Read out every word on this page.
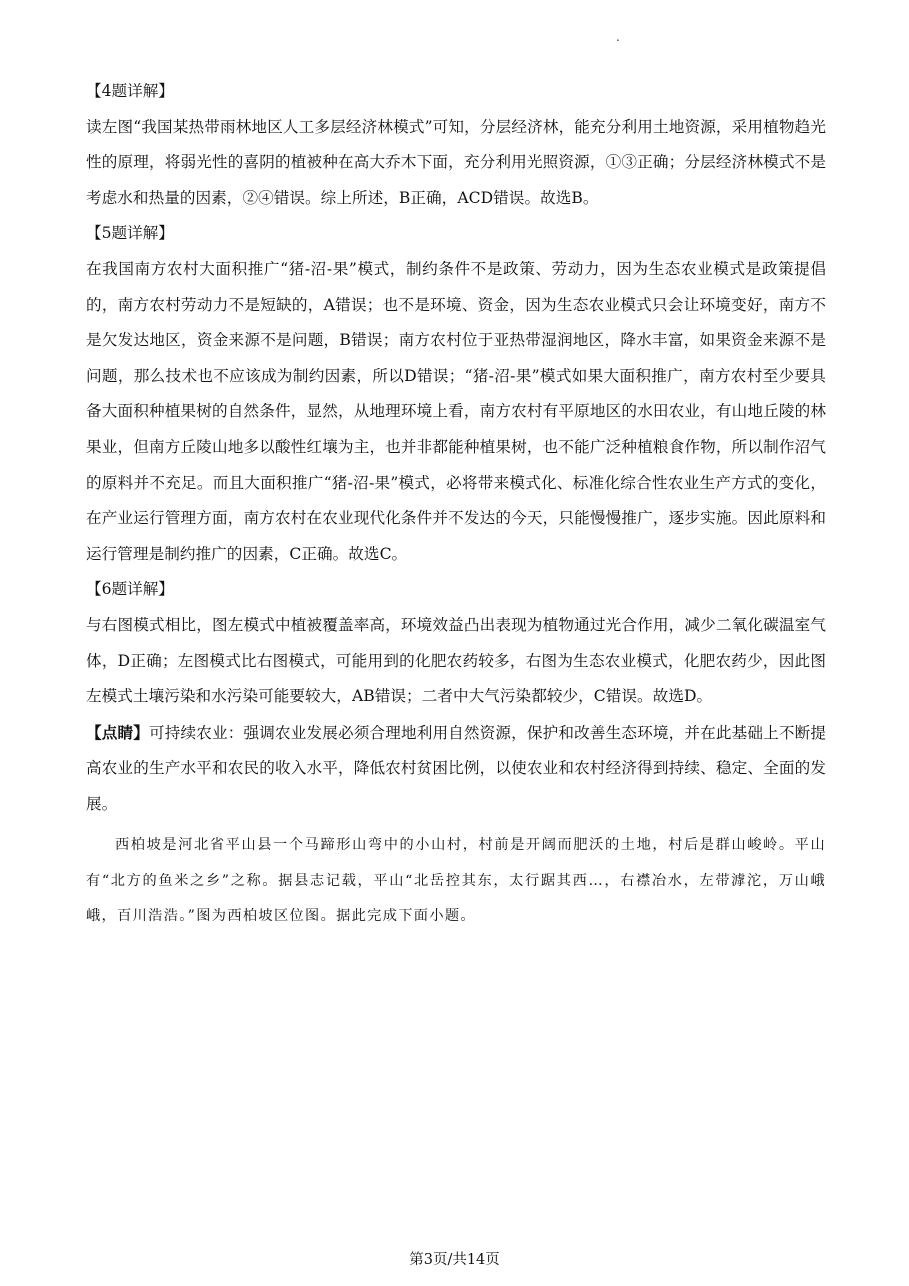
.

【4题详解】

读左图“我国某热带雨林地区人工多层经济林模式”可知，分层经济林，能充分利用土地资源，采用植物趋光性的原理，将弱光性的喜阴的植被种在高大乔木下面，充分利用光照资源，①③正确；分层经济林模式不是考虑水和热量的因素，②④错误。综上所述，B正确，ACD错误。故选B。

【5题详解】

在我国南方农村大面积推广“猪-沼-果”模式，制约条件不是政策、劳动力，因为生态农业模式是政策提倡的，南方农村劳动力不是短缺的，A错误；也不是环境、资金，因为生态农业模式只会让环境变好，南方不是欠发达地区，资金来源不是问题，B错误；南方农村位于亚热带湿润地区，降水丰富，如果资金来源不是问题，那么技术也不应该成为制约因素，所以D错误；“猪-沼-果”模式如果大面积推广，南方农村至少要具备大面积种植果树的自然条件，显然，从地理环境上看，南方农村有平原地区的水田农业，有山地丘陵的林果业，但南方丘陵山地多以酸性红壤为主，也并非都能种植果树，也不能广泛种植粮食作物，所以制作沼气的原料并不充足。而且大面积推广“猪-沼-果”模式，必将带来模式化、标准化综合性农业生产方式的变化，在产业运行管理方面，南方农村在农业现代化条件并不发达的今天，只能慢慢推广，逐步实施。因此原料和运行管理是制约推广的因素，C正确。故选C。

【6题详解】

与右图模式相比，图左模式中植被覆盖率高，环境效益凸出表现为植物通过光合作用，减少二氧化碳温室气体，D正确；左图模式比右图模式，可能用到的化肥农药较多，右图为生态农业模式，化肥农药少，因此图左模式土壤污染和水污染可能要较大，AB错误；二者中大气污染都较少，C错误。故选D。

【点睛】可持续农业：强调农业发展必须合理地利用自然资源，保护和改善生态环境，并在此基础上不断提高农业的生产水平和农民的收入水平，降低农村贫困比例，以使农业和农村经济得到持续、稳定、全面的发展。

西柏坡是河北省平山县一个马蹄形山弯中的小山村，村前是开阔而肥沃的土地，村后是群山峻岭。平山有“北方的鱼米之乡”之称。据县志记载，平山“北岳控其东，太行踞其西…，右襟冶水，左带滹沱，万山峨峨，百川浩浩。”图为西柏坡区位图。据此完成下面小题。

第3页/共14页
